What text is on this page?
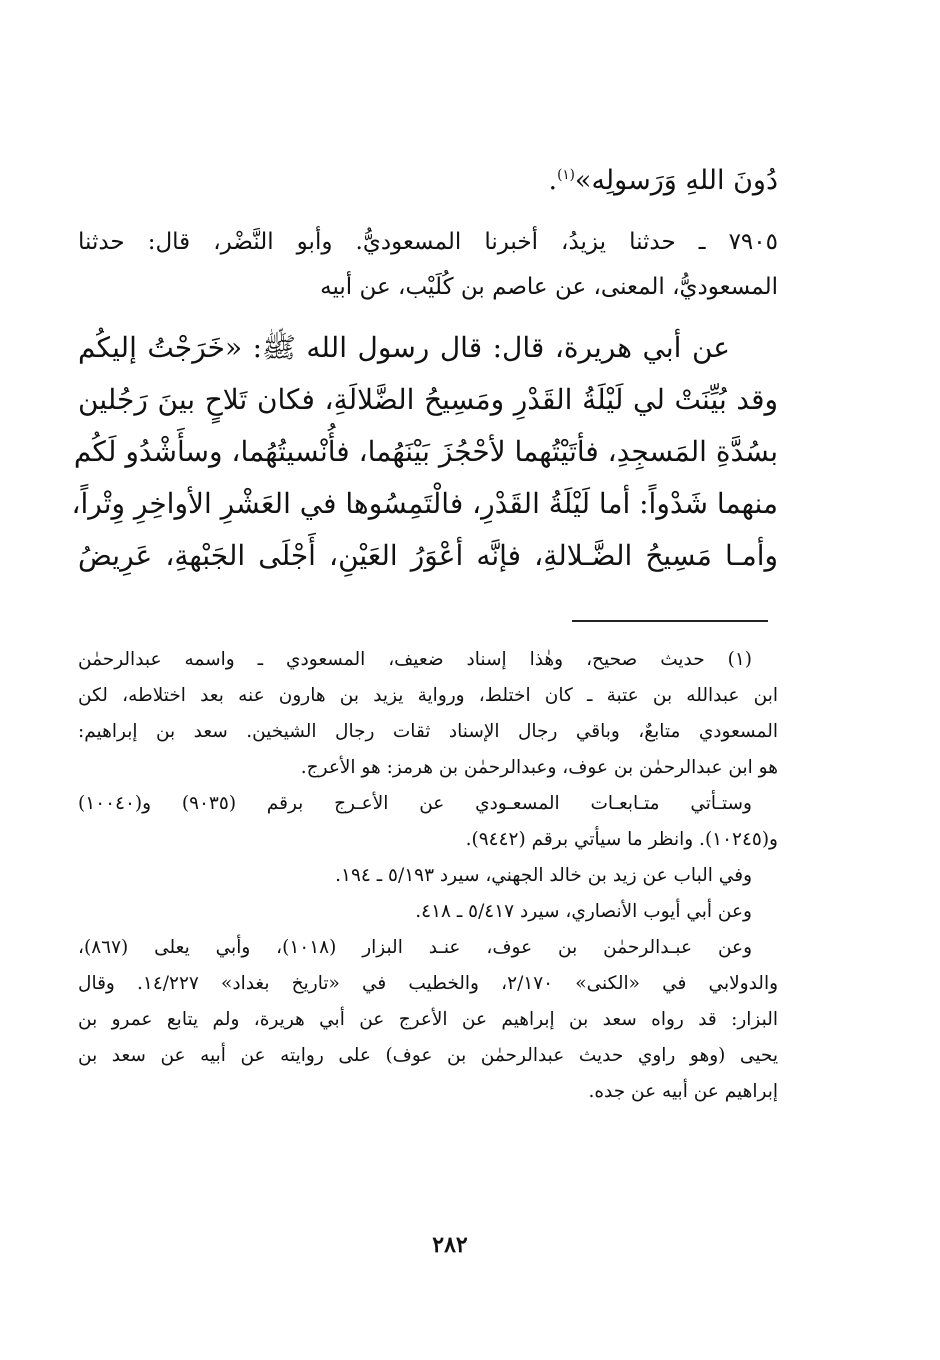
دُونَ اللهِ وَرَسولِه»$^{(١)}$.
٧٩٠٥ ـ حدثنا يزيدُ، أخبرنا المسعوديُّ. وأبو النَّضْر، قال: حدثنا
المسعوديُّ، المعنى، عن عاصم بن كُلَيْب، عن أبيه
عن أبي هريرة، قال: قال رسول الله ﷺ: «خَرَجْتُ إليكُم
وقد بُيِّنَتْ لي لَيْلَةُ القَدْرِ ومَسِيحُ الضَّلالَةِ، فكان تَلاحٍ بينَ رَجُلين
بسُدَّةِ المَسجِدِ، فأتَيْتُهما لأحْجُزَ بَيْنَهُما، فأُنْسيتُهُما، وسأَشْدُو لَكُم
منهما شَدْواً: أما لَيْلَةُ القَدْرِ، فالْتَمِسُوها في العَشْرِ الأواخِرِ وِتْراً،
وأمـا مَسِيحُ الضَّـلالةِ، فإنَّه أعْوَرُ العَيْنِ، أَجْلَى الجَبْهةِ، عَرِيضُ
(١) حديث صحيح، وهٰذا إسناد ضعيف، المسعودي ـ واسمه عبدالرحمٰن
ابن عبدالله بن عتبة ـ كان اختلط، ورواية يزيد بن هارون عنه بعد اختلاطه، لكن
المسعودي متابعٌ، وباقي رجال الإسناد ثقات رجال الشيخين. سعد بن إبراهيم:
هو ابن عبدالرحمٰن بن عوف، وعبدالرحمٰن بن هرمز: هو الأعرج.
وستـأتي متـابعـات المسعـودي عن الأعـرج برقم (٩٠٣٥) و(١٠٠٤٠)
و(١٠٢٤٥). وانظر ما سيأتي برقم (٩٤٤٢).
وفي الباب عن زيد بن خالد الجهني، سيرد ٥/١٩٣ ـ ١٩٤.
وعن أبي أيوب الأنصاري، سيرد ٥/٤١٧ ـ ٤١٨.
وعن عبـدالرحمٰن بن عوف، عنـد البزار (١٠١٨)، وأبي يعلى (٨٦٧)،
والدولابي في «الكنى» ٢/١٧٠، والخطيب في «تاريخ بغداد» ١٤/٢٢٧. وقال
البزار: قد رواه سعد بن إبراهيم عن الأعرج عن أبي هريرة، ولم يتابع عمرو بن
يحيى (وهو راوي حديث عبدالرحمٰن بن عوف) على روايته عن أبيه عن سعد بن
إبراهيم عن أبيه عن جده.
٢٨٢
